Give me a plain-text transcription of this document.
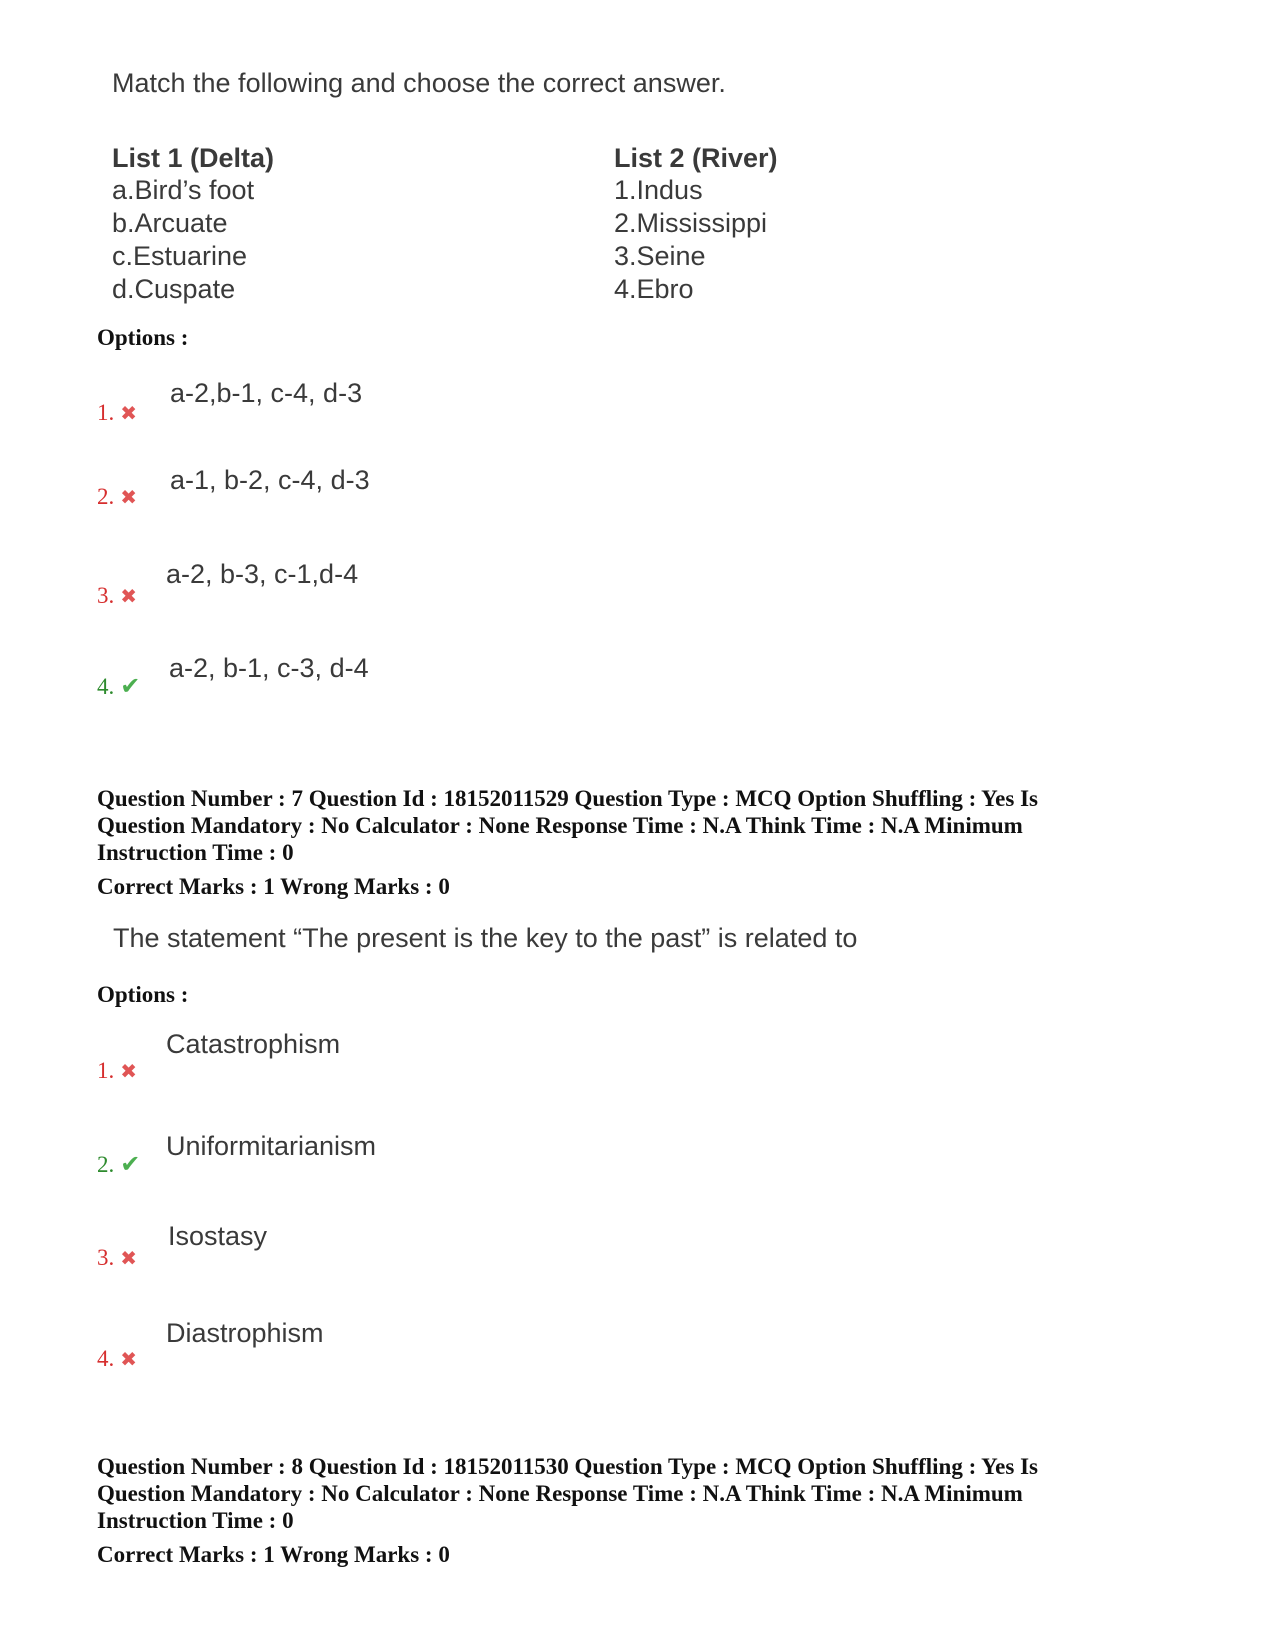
Match the following and choose the correct answer.
List 1 (Delta)
a.Bird’s foot
b.Arcuate
c.Estuarine
d.Cuspate
List 2 (River)
1.Indus
2.Mississippi
3.Seine
4.Ebro
Options :
1. ✖
a-2,b-1, c-4, d-3
2. ✖
a-1, b-2, c-4, d-3
3. ✖
a-2, b-3, c-1,d-4
4. ✔
a-2, b-1, c-3, d-4
Question Number : 7 Question Id : 18152011529 Question Type : MCQ Option Shuffling : Yes Is
Question Mandatory : No Calculator : None Response Time : N.A Think Time : N.A Minimum
Instruction Time : 0
Correct Marks : 1 Wrong Marks : 0
The statement “The present is the key to the past” is related to
Options :
1. ✖
Catastrophism
2. ✔
Uniformitarianism
3. ✖
Isostasy
4. ✖
Diastrophism
Question Number : 8 Question Id : 18152011530 Question Type : MCQ Option Shuffling : Yes Is
Question Mandatory : No Calculator : None Response Time : N.A Think Time : N.A Minimum
Instruction Time : 0
Correct Marks : 1 Wrong Marks : 0
